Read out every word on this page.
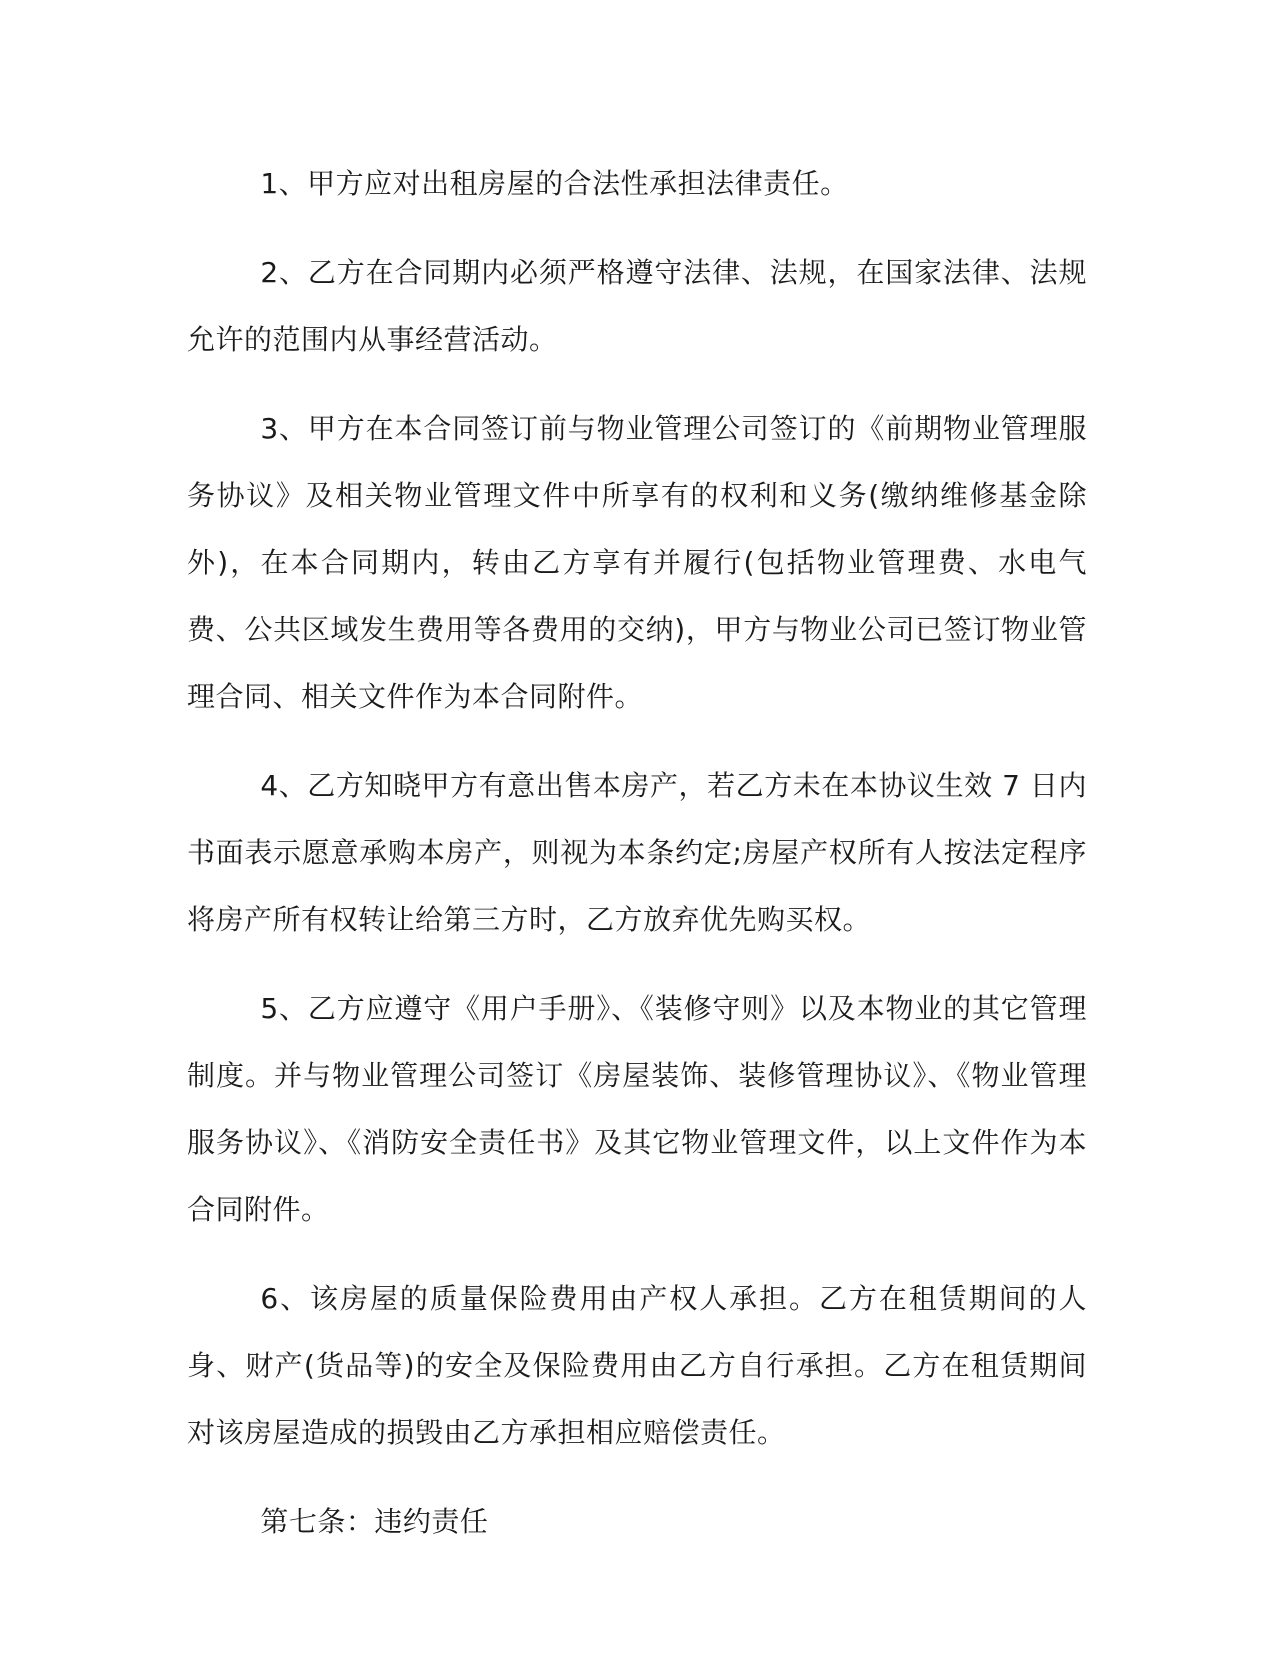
1、甲方应对出租房屋的合法性承担法律责任。

2、乙方在合同期内必须严格遵守法律、法规，在国家法律、法规允许的范围内从事经营活动。

3、甲方在本合同签订前与物业管理公司签订的《前期物业管理服务协议》及相关物业管理文件中所享有的权利和义务(缴纳维修基金除外)，在本合同期内，转由乙方享有并履行(包括物业管理费、水电气费、公共区域发生费用等各费用的交纳)，甲方与物业公司已签订物业管理合同、相关文件作为本合同附件。

4、乙方知晓甲方有意出售本房产，若乙方未在本协议生效 7 日内书面表示愿意承购本房产，则视为本条约定;房屋产权所有人按法定程序将房产所有权转让给第三方时，乙方放弃优先购买权。

5、乙方应遵守《用户手册》、《装修守则》以及本物业的其它管理制度。并与物业管理公司签订《房屋装饰、装修管理协议》、《物业管理服务协议》、《消防安全责任书》及其它物业管理文件，以上文件作为本合同附件。

6、该房屋的质量保险费用由产权人承担。乙方在租赁期间的人身、财产(货品等)的安全及保险费用由乙方自行承担。乙方在租赁期间对该房屋造成的损毁由乙方承担相应赔偿责任。

第七条：违约责任
